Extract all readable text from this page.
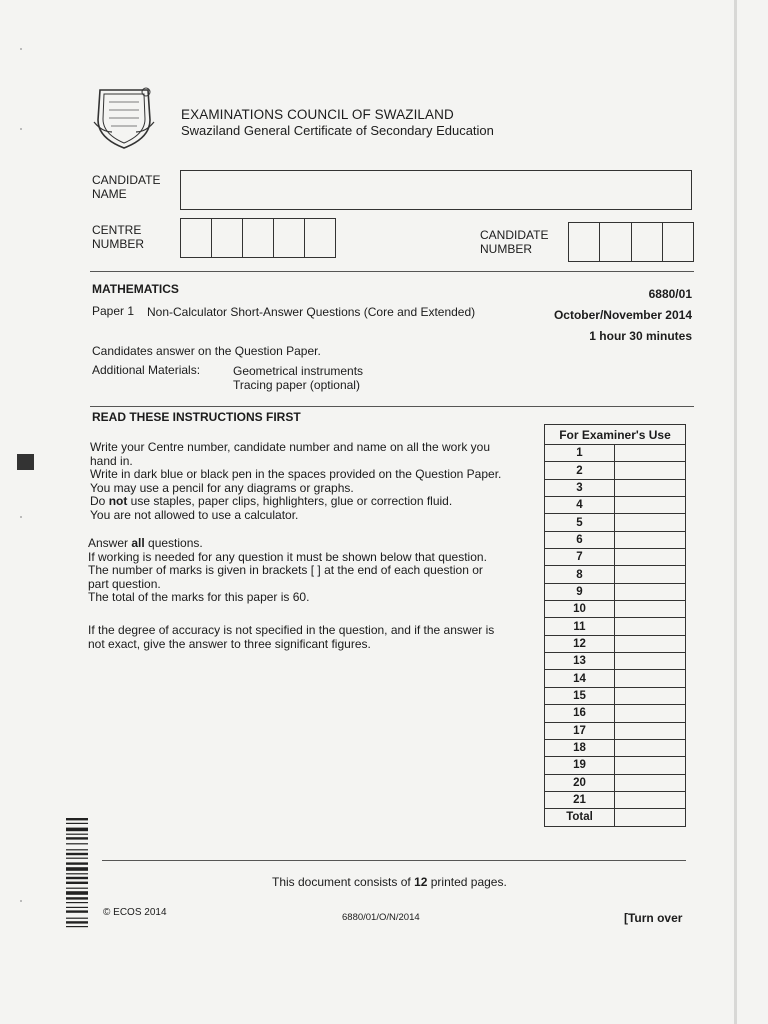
EXAMINATIONS COUNCIL OF SWAZILAND
Swaziland General Certificate of Secondary Education
CANDIDATE
NAME
CENTRE
NUMBER
CANDIDATE
NUMBER
MATHEMATICS	6880/01
Paper 1 Non-Calculator Short-Answer Questions (Core and Extended)	October/November 2014
1 hour 30 minutes
Candidates answer on the Question Paper.
Additional Materials:	Geometrical instruments
Tracing paper (optional)
READ THESE INSTRUCTIONS FIRST

Write your Centre number, candidate number and name on all the work you

hand in.

Write in dark blue or black pen in the spaces provided on the Question Paper.

You may use a pencil for any diagrams or graphs.

Do not use staples, paper clips, highlighters, glue or correction fluid.

You are not allowed to use a calculator.

Answer all questions.

If working is needed for any question it must be shown below that question.

The number of marks is given in brackets [ ] at the end of each question or

part question.

The total of the marks for this paper is 60.

If the degree of accuracy is not specified in the question, and if the answer is

not exact, give the answer to three significant figures.

For Examiner's Use	
1	
2	
3	
4	
5	
6	
7	
8	
9	
10	
11	
12	
13	
14	
15	
16	
17	
18	
19	
20	
21	
Total	
This document consists of 12 printed pages.
© ECOS 2014	6880/01/O/N/2014	[Turn over
